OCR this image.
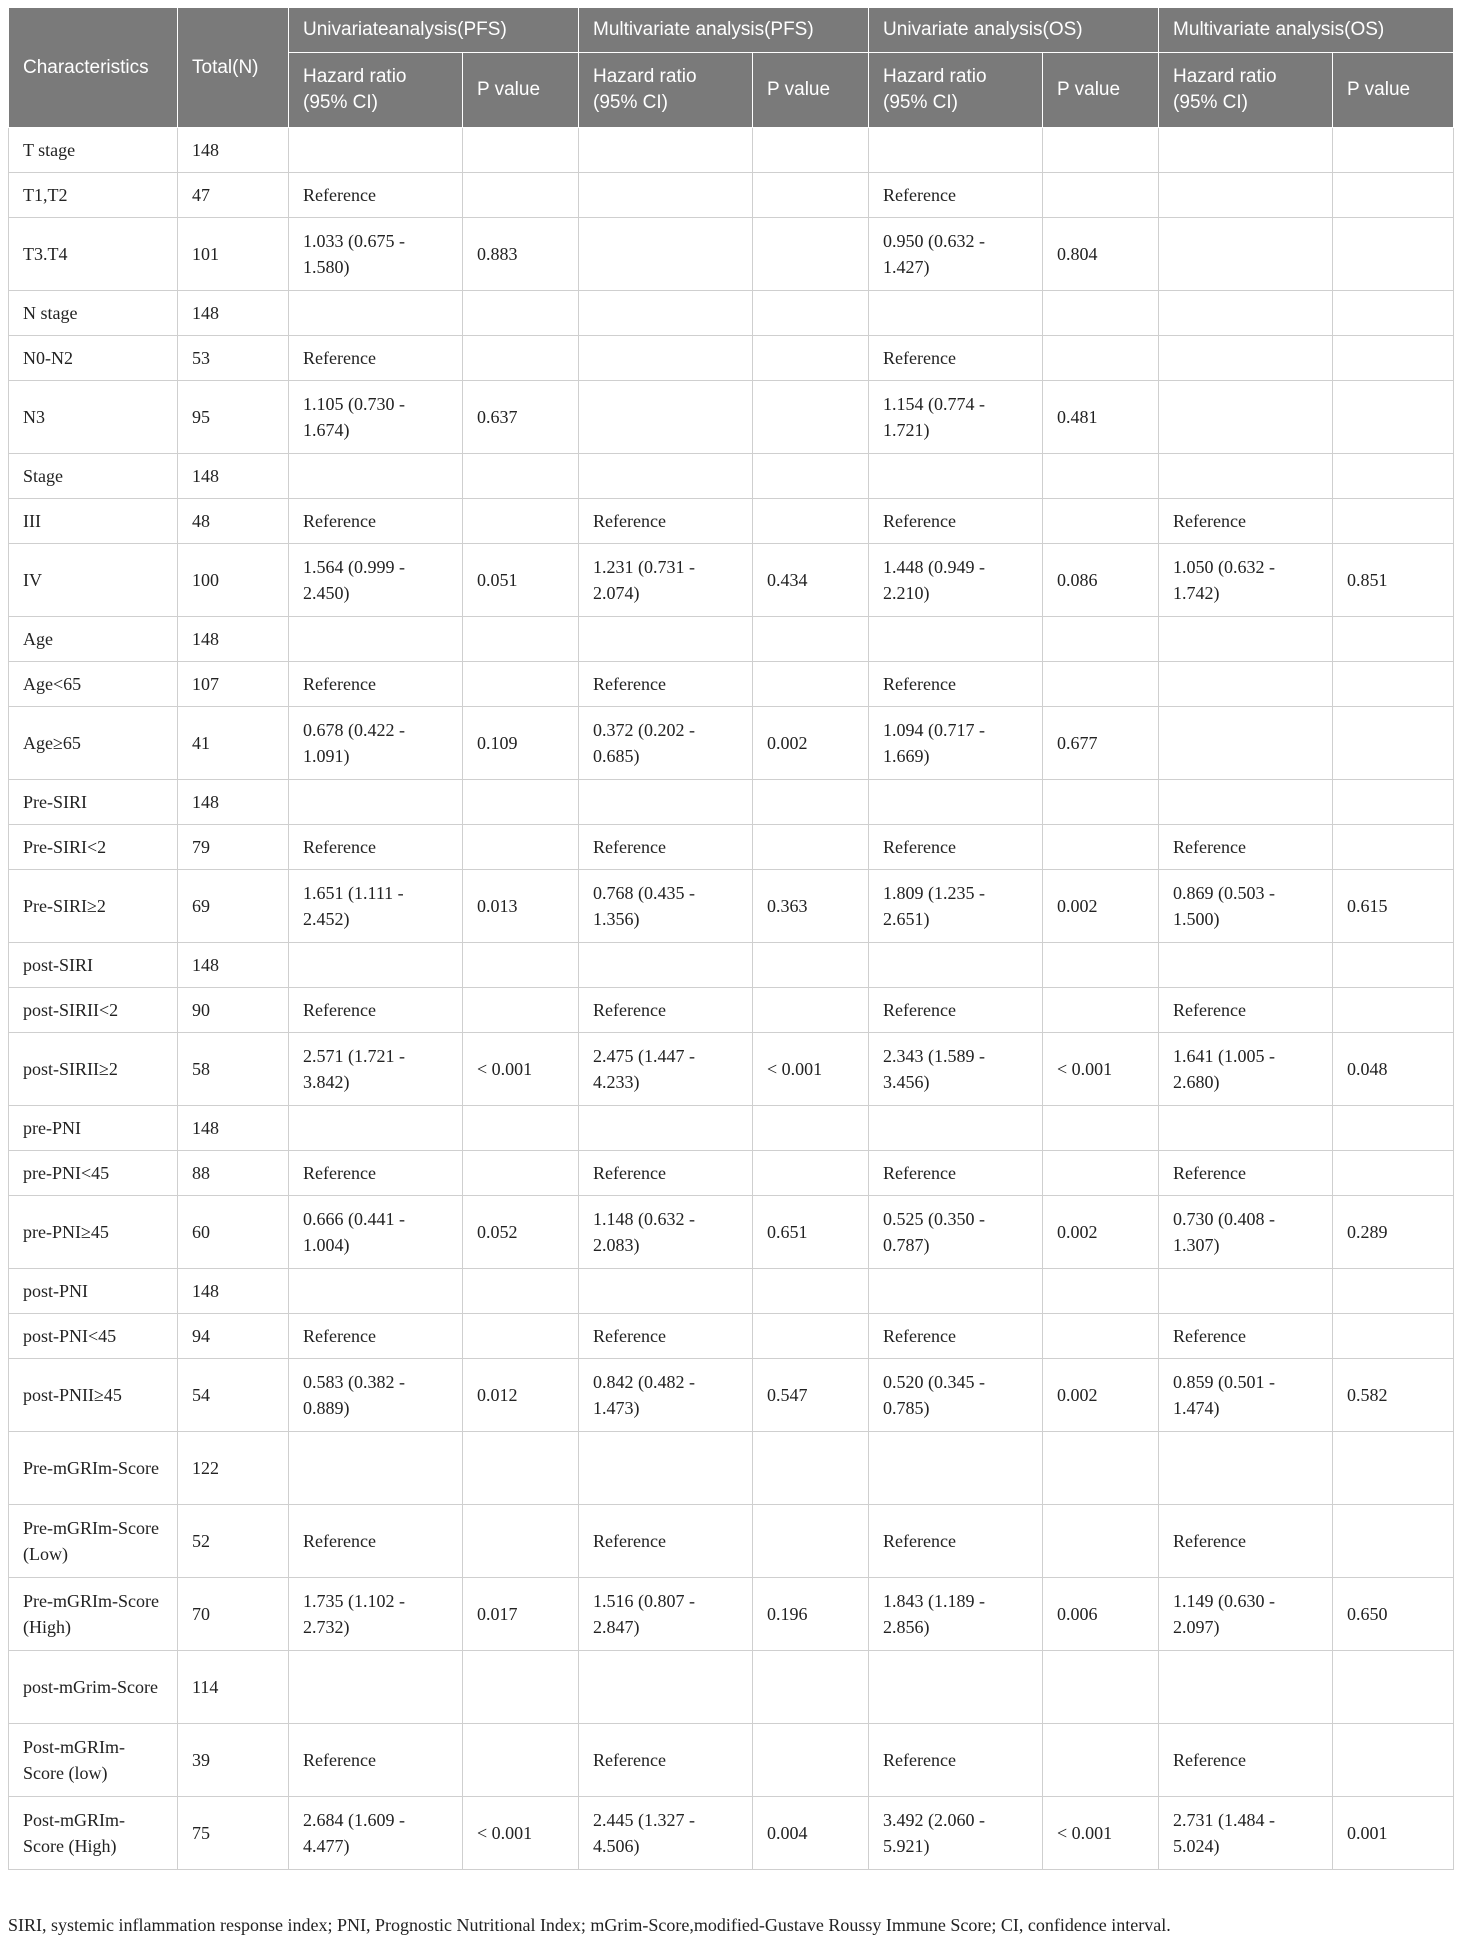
Characteristics	Total(N)	Univariateanalysis(PFS)		Multivariate analysis(PFS)		Univariate analysis(OS)		Multivariate analysis(OS)	
		Hazard ratio (95% CI)	P value	Hazard ratio (95% CI)	P value	Hazard ratio (95% CI)	P value	Hazard ratio (95% CI)	P value
T stage	148								
T1,T2	47	Reference				Reference			
T3.T4	101	1.033 (0.675 - 1.580)	0.883			0.950 (0.632 - 1.427)	0.804		
N stage	148								
N0-N2	53	Reference				Reference			
N3	95	1.105 (0.730 - 1.674)	0.637			1.154 (0.774 - 1.721)	0.481		
Stage	148								
III	48	Reference		Reference		Reference		Reference	
IV	100	1.564 (0.999 - 2.450)	0.051	1.231 (0.731 - 2.074)	0.434	1.448 (0.949 - 2.210)	0.086	1.050 (0.632 - 1.742)	0.851
Age	148								
Age<65	107	Reference		Reference		Reference			
Age≥65	41	0.678 (0.422 - 1.091)	0.109	0.372 (0.202 - 0.685)	0.002	1.094 (0.717 - 1.669)	0.677		
Pre-SIRI	148								
Pre-SIRI<2	79	Reference		Reference		Reference		Reference	
Pre-SIRI≥2	69	1.651 (1.111 - 2.452)	0.013	0.768 (0.435 - 1.356)	0.363	1.809 (1.235 - 2.651)	0.002	0.869 (0.503 - 1.500)	0.615
post-SIRI	148								
post-SIRII<2	90	Reference		Reference		Reference		Reference	
post-SIRII≥2	58	2.571 (1.721 - 3.842)	< 0.001	2.475 (1.447 - 4.233)	< 0.001	2.343 (1.589 - 3.456)	< 0.001	1.641 (1.005 - 2.680)	0.048
pre-PNI	148								
pre-PNI<45	88	Reference		Reference		Reference		Reference	
pre-PNI≥45	60	0.666 (0.441 - 1.004)	0.052	1.148 (0.632 - 2.083)	0.651	0.525 (0.350 - 0.787)	0.002	0.730 (0.408 - 1.307)	0.289
post-PNI	148								
post-PNI<45	94	Reference		Reference		Reference		Reference	
post-PNII≥45	54	0.583 (0.382 - 0.889)	0.012	0.842 (0.482 - 1.473)	0.547	0.520 (0.345 - 0.785)	0.002	0.859 (0.501 - 1.474)	0.582
Pre-mGRIm-Score	122								
Pre-mGRIm-Score (Low)	52	Reference		Reference		Reference		Reference	
Pre-mGRIm-Score (High)	70	1.735 (1.102 - 2.732)	0.017	1.516 (0.807 - 2.847)	0.196	1.843 (1.189 - 2.856)	0.006	1.149 (0.630 - 2.097)	0.650
post-mGrim-Score	114								
Post-mGRIm-Score (low)	39	Reference		Reference		Reference		Reference	
Post-mGRIm-Score (High)	75	2.684 (1.609 - 4.477)	< 0.001	2.445 (1.327 - 4.506)	0.004	3.492 (2.060 - 5.921)	< 0.001	2.731 (1.484 - 5.024)	0.001
SIRI, systemic inflammation response index; PNI, Prognostic Nutritional Index; mGrim-Score,modified-Gustave Roussy Immune Score; CI, confidence interval.
